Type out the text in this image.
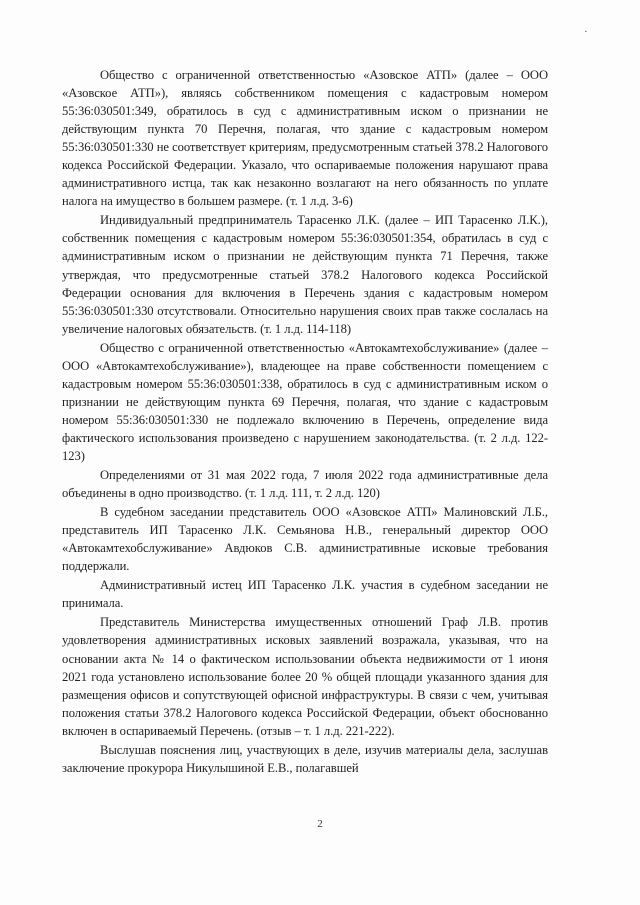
·

Общество с ограниченной ответственностью «Азовское АТП» (далее – ООО «Азовское АТП»), являясь собственником помещения с кадастровым номером 55:36:030501:349, обратилось в суд с административным иском о признании не действующим пункта 70 Перечня, полагая, что здание с кадастровым номером 55:36:030501:330 не соответствует критериям, предусмотренным статьей 378.2 Налогового кодекса Российской Федерации. Указало, что оспариваемые положения нарушают права административного истца, так как незаконно возлагают на него обязанность по уплате налога на имущество в большем размере. (т. 1 л.д. 3-6)

Индивидуальный предприниматель Тарасенко Л.К. (далее – ИП Тарасенко Л.К.), собственник помещения с кадастровым номером 55:36:030501:354, обратилась в суд с административным иском о признании не действующим пункта 71 Перечня, также утверждая, что предусмотренные статьей 378.2 Налогового кодекса Российской Федерации основания для включения в Перечень здания с кадастровым номером 55:36:030501:330 отсутствовали. Относительно нарушения своих прав также сослалась на увеличение налоговых обязательств. (т. 1 л.д. 114-118)

Общество с ограниченной ответственностью «Автокамтехобслуживание» (далее – ООО «Автокамтехобслуживание»), владеющее на праве собственности помещением с кадастровым номером 55:36:030501:338, обратилось в суд с административным иском о признании не действующим пункта 69 Перечня, полагая, что здание с кадастровым номером 55:36:030501:330 не подлежало включению в Перечень, определение вида фактического использования произведено с нарушением законодательства. (т. 2 л.д. 122-123)

Определениями от 31 мая 2022 года, 7 июля 2022 года административные дела объединены в одно производство. (т. 1 л.д. 111, т. 2 л.д. 120)

В судебном заседании представитель ООО «Азовское АТП» Малиновский Л.Б., представитель ИП Тарасенко Л.К. Семьянова Н.В., генеральный директор ООО «Автокамтехобслуживание» Авдюков С.В. административные исковые требования поддержали.

Административный истец ИП Тарасенко Л.К. участия в судебном заседании не принимала.

Представитель Министерства имущественных отношений Граф Л.В. против удовлетворения административных исковых заявлений возражала, указывая, что на основании акта № 14 о фактическом использовании объекта недвижимости от 1 июня 2021 года установлено использование более 20 % общей площади указанного здания для размещения офисов и сопутствующей офисной инфраструктуры. В связи с чем, учитывая положения статьи 378.2 Налогового кодекса Российской Федерации, объект обоснованно включен в оспариваемый Перечень. (отзыв – т. 1 л.д. 221-222).

Выслушав пояснения лиц, участвующих в деле, изучив материалы дела, заслушав заключение прокурора Никулышиной Е.В., полагавшей

2
